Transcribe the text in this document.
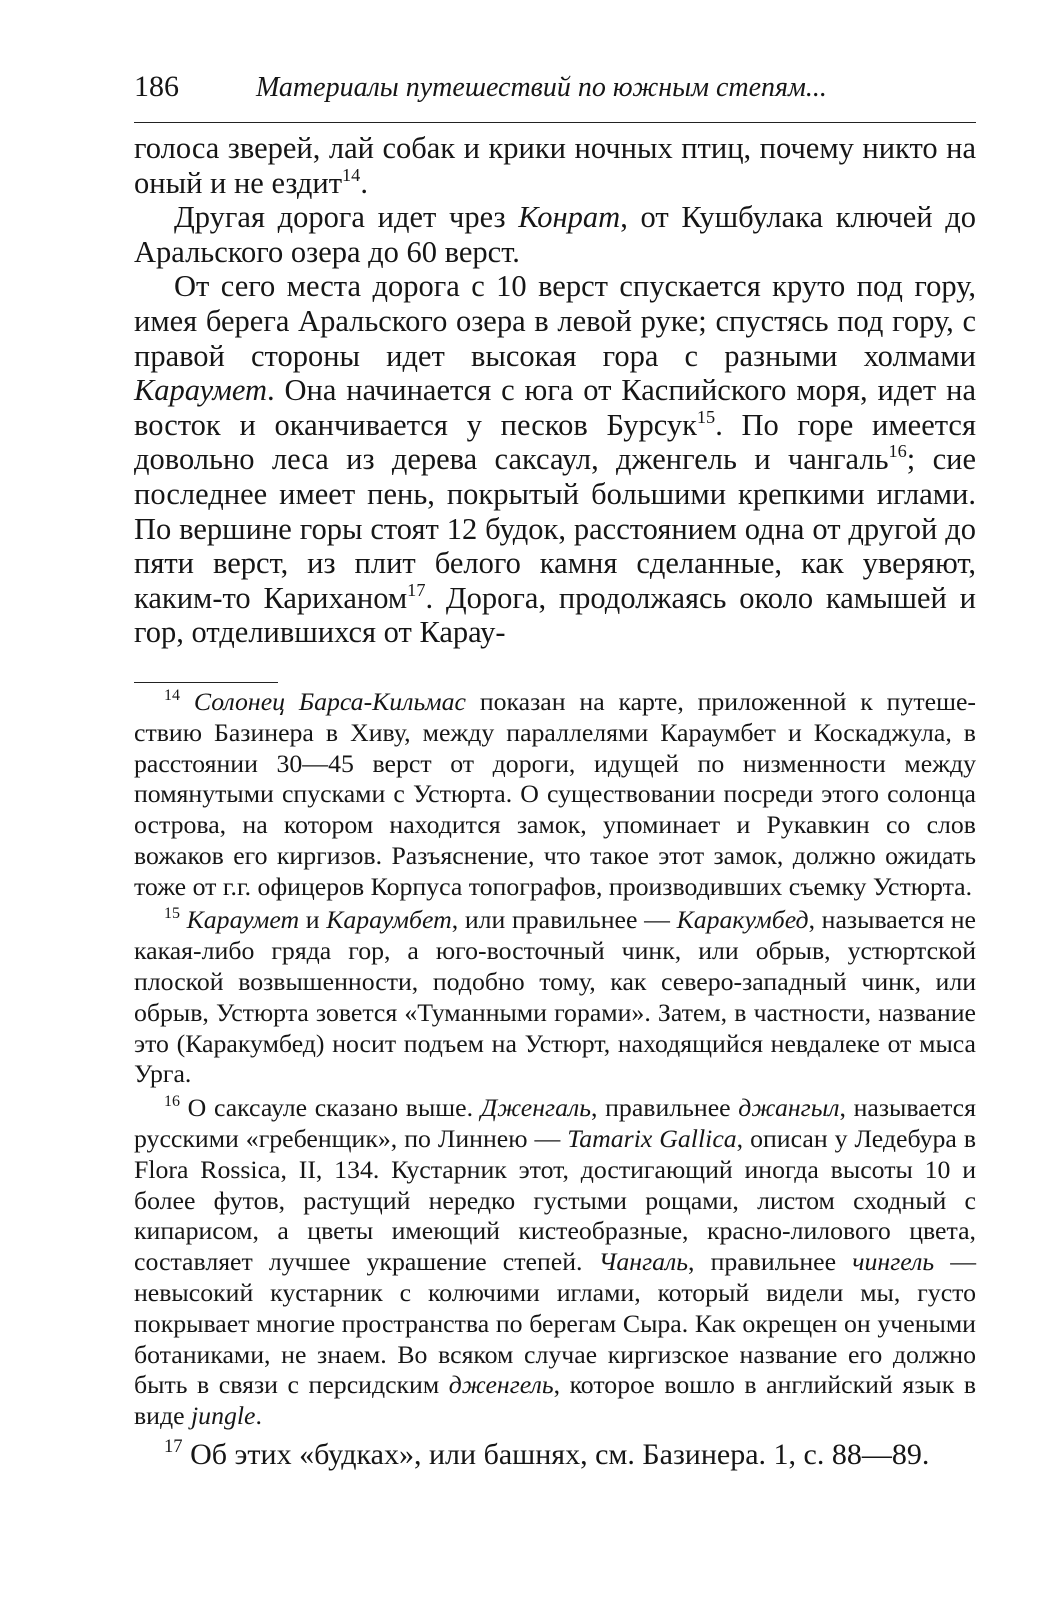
186	Материалы путешествий по южным степям...

голоса зверей, лай собак и крики ночных птиц, почему никто на оный и не ездит$^{14}$.

Другая дорога идет чрез Конрат, от Кушбулака ключей до Аральского озера до 60 верст.

От сего места дорога с 10 верст спускается круто под гору, имея берега Аральского озера в левой руке; спустясь под гору, с правой стороны идет высокая гора с разными холмами Караумет. Она начинается с юга от Каспийского моря, идет на восток и оканчивается у песков Бурсук$^{15}$. По горе имеется довольно леса из дерева саксаул, дженгель и чангаль$^{16}$; сие последнее имеет пень, покрытый большими крепкими иглами. По вершине горы стоят 12 будок, расстоянием одна от другой до пяти верст, из плит белого камня сделанные, как уверяют, каким-то Кариханом$^{17}$. Дорога, продолжаясь около камышей и гор, отделившихся от Карау-

$^{14}$ Солонец Барса-Кильмас показан на карте, приложенной к путешествию Базинера в Хиву, между параллелями Караумбет и Коскаджула, в расстоянии 30—45 верст от дороги, идущей по низменности между помянутыми спусками с Устюрта. О существовании посреди этого солонца острова, на котором находится замок, упоминает и Рукавкин со слов вожаков его киргизов. Разъяснение, что такое этот замок, должно ожидать тоже от г.г. офицеров Корпуса топографов, производивших съемку Устюрта.

$^{15}$ Караумет и Караумбет, или правильнее — Каракумбед, называется не какая-либо гряда гор, а юго-восточный чинк, или обрыв, устюртской плоской возвышенности, подобно тому, как северо-западный чинк, или обрыв, Устюрта зовется «Туманными горами». Затем, в частности, название это (Каракумбед) носит подъем на Устюрт, находящийся невдалеке от мыса Урга.

$^{16}$ О саксауле сказано выше. Дженгаль, правильнее джангыл, называется русскими «гребенщик», по Линнею — Tamarix Gallica, описан у Ледебура в Flora Rossica, II, 134. Кустарник этот, достигающий иногда высоты 10 и более футов, растущий нередко густыми рощами, листом сходный с кипарисом, а цветы имеющий кистеобразные, красно-лилового цвета, составляет лучшее украшение степей. Чангаль, правильнее чингель — невысокий кустарник с колючими иглами, который видели мы, густо покрывает многие пространства по берегам Сыра. Как окрещен он учеными ботаниками, не знаем. Во всяком случае киргизское название его должно быть в связи с персидским дженгель, которое вошло в английский язык в виде jungle.

$^{17}$ Об этих «будках», или башнях, см. Базинера. 1, с. 88—89.
